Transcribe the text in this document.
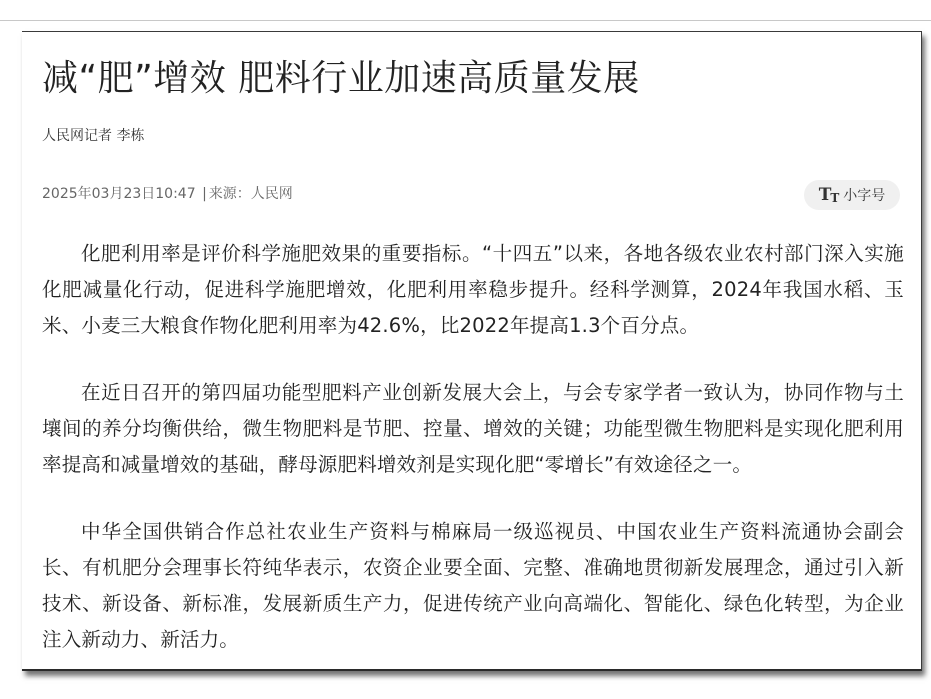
减“肥”增效 肥料行业加速高质量发展
人民网记者 李栋
2025年03月23日10:47 | 来源：人民网	T T 小字号

化肥利用率是评价科学施肥效果的重要指标。“十四五”以来，各地各级农业农村部门深入实施化肥减量化行动，促进科学施肥增效，化肥利用率稳步提升。经科学测算，2024年我国水稻、玉米、小麦三大粮食作物化肥利用率为42.6%，比2022年提高1.3个百分点。

在近日召开的第四届功能型肥料产业创新发展大会上，与会专家学者一致认为，协同作物与土壤间的养分均衡供给，微生物肥料是节肥、控量、增效的关键；功能型微生物肥料是实现化肥利用率提高和减量增效的基础，酵母源肥料增效剂是实现化肥“零增长”有效途径之一。

中华全国供销合作总社农业生产资料与棉麻局一级巡视员、中国农业生产资料流通协会副会长、有机肥分会理事长符纯华表示，农资企业要全面、完整、准确地贯彻新发展理念，通过引入新技术、新设备、新标准，发展新质生产力，促进传统产业向高端化、智能化、绿色化转型，为企业注入新动力、新活力。
